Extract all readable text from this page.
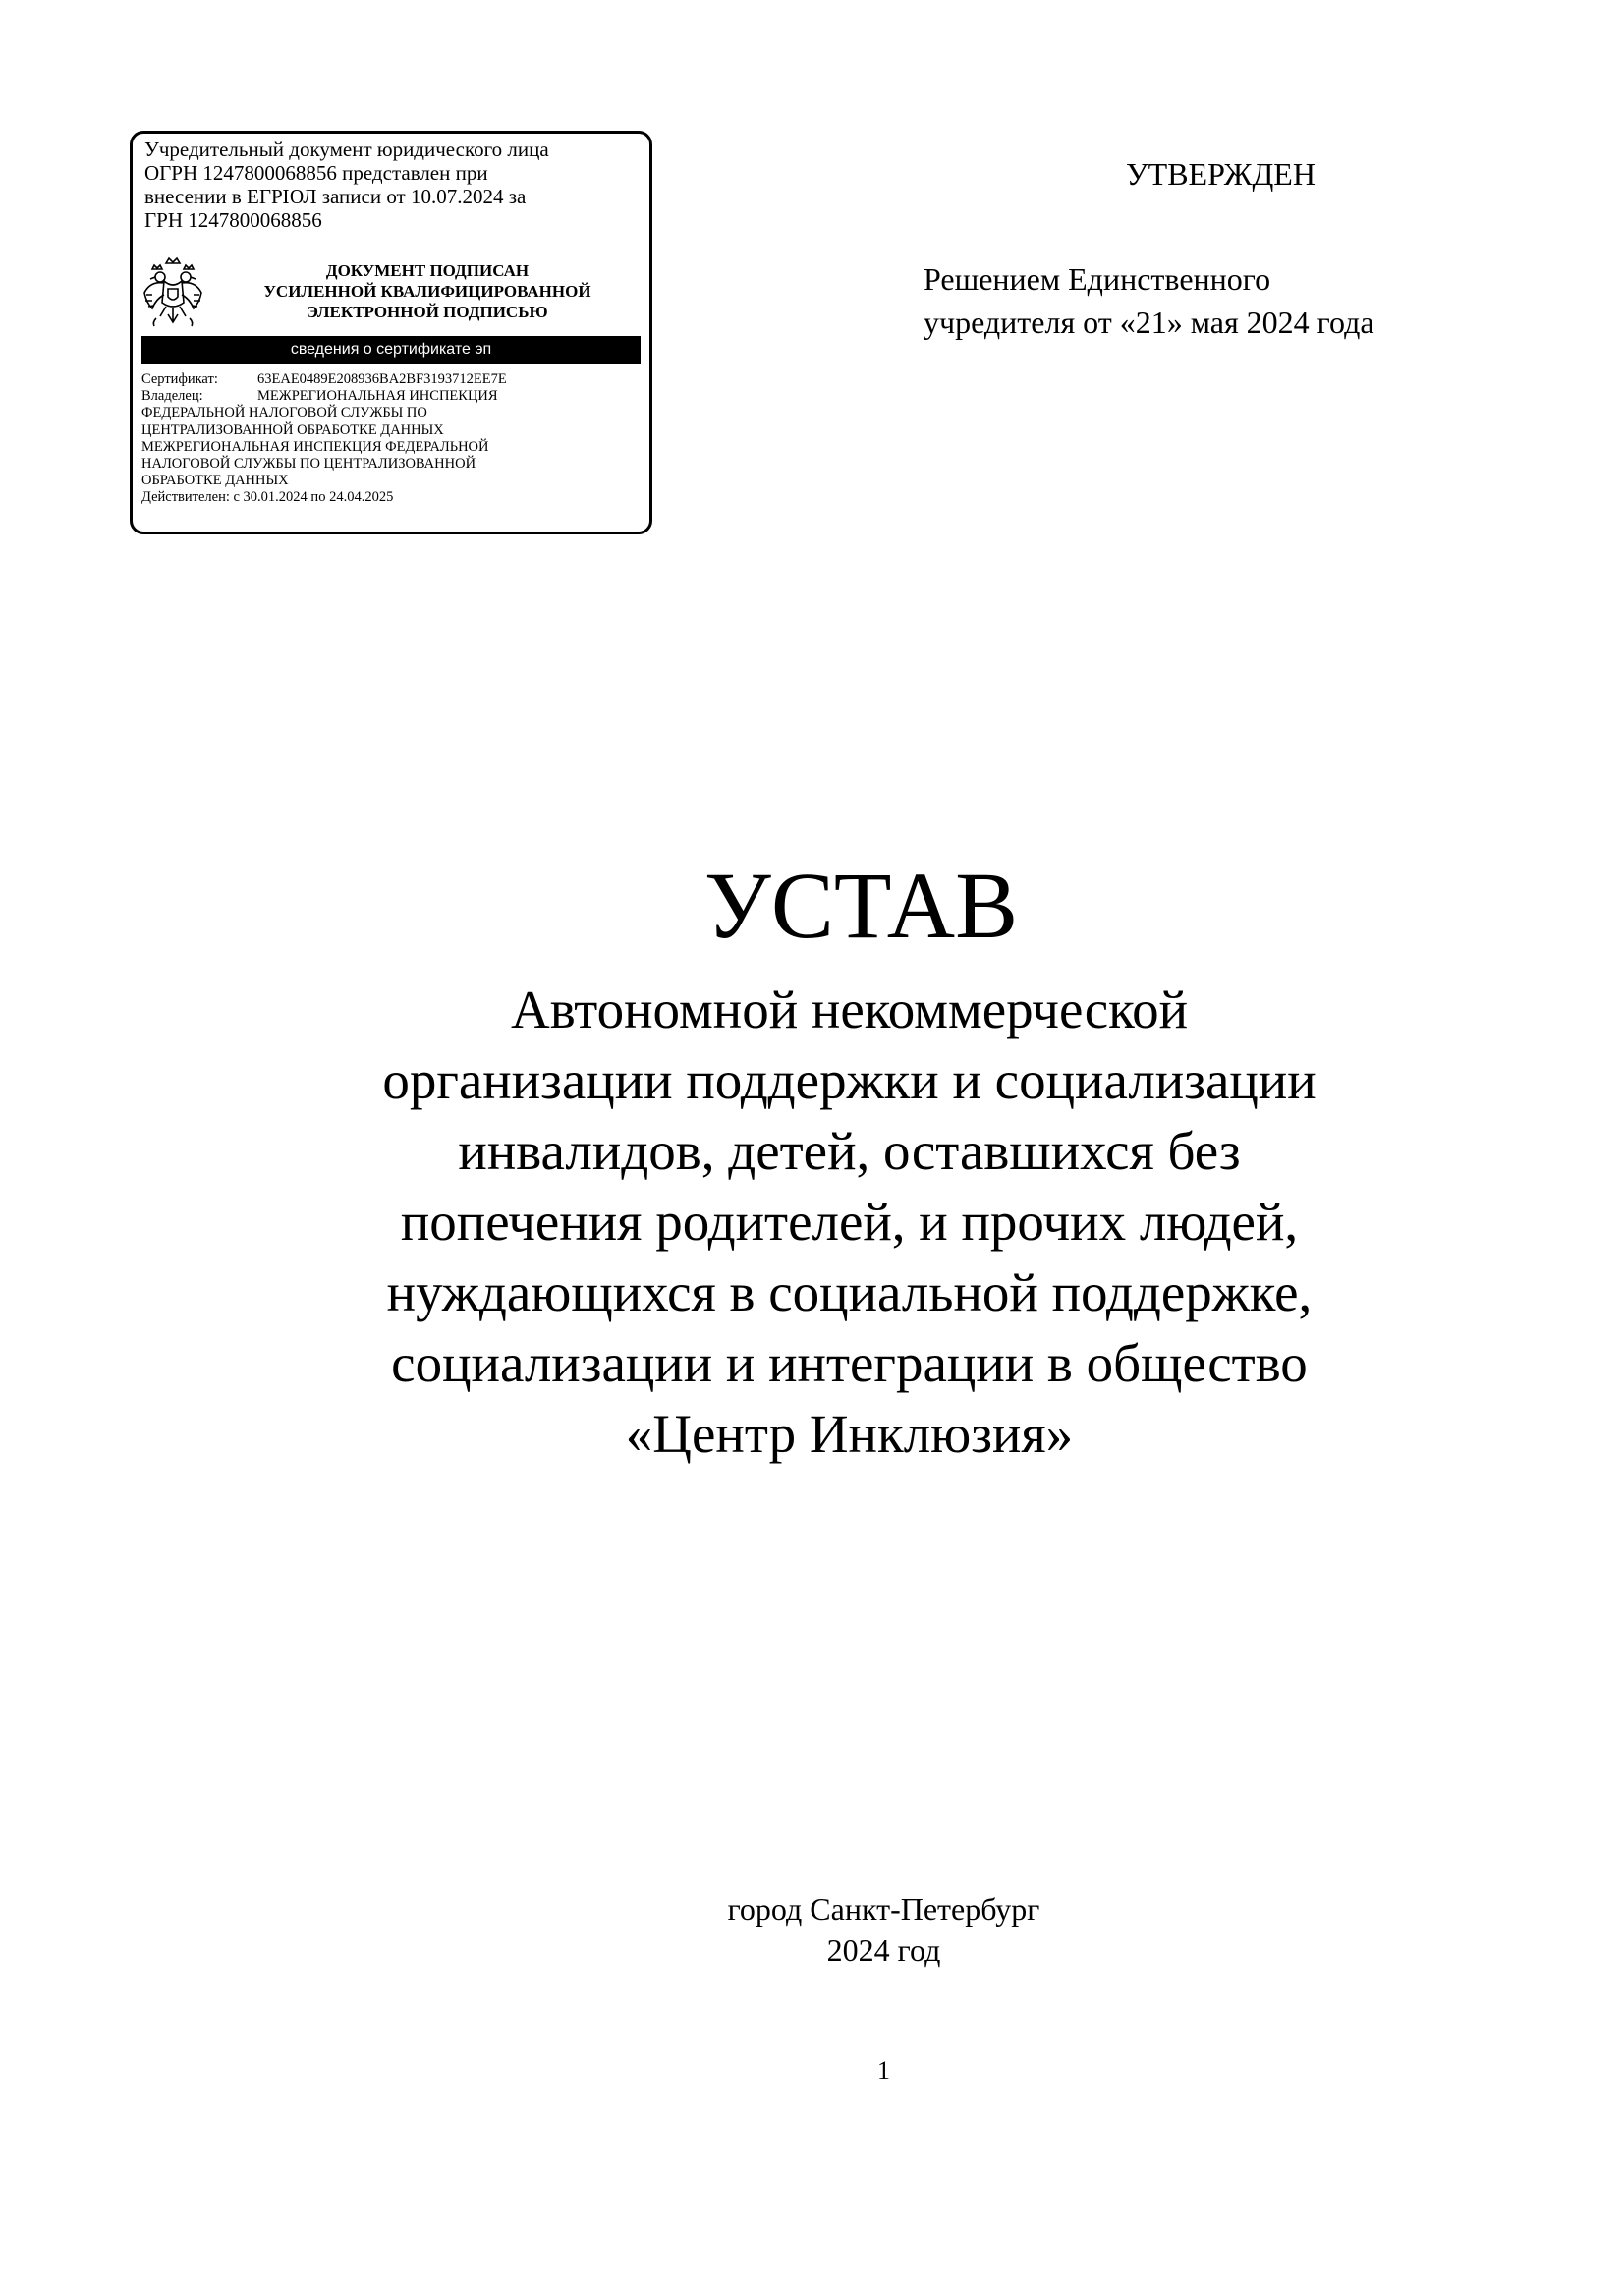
Учредительный документ юридического лица
ОГРН 1247800068856 представлен при
внесении в ЕГРЮЛ записи от 10.07.2024 за
ГРН 1247800068856
ДОКУМЕНТ ПОДПИСАН
УСИЛЕННОЙ КВАЛИФИЦИРОВАННОЙ
ЭЛЕКТРОННОЙ ПОДПИСЬЮ
сведения о сертификате эп
Сертификат:	63EAE0489E208936BA2BF3193712EE7E
Владелец:	МЕЖРЕГИОНАЛЬНАЯ ИНСПЕКЦИЯ
ФЕДЕРАЛЬНОЙ НАЛОГОВОЙ СЛУЖБЫ ПО
ЦЕНТРАЛИЗОВАННОЙ ОБРАБОТКЕ ДАННЫХ
МЕЖРЕГИОНАЛЬНАЯ ИНСПЕКЦИЯ ФЕДЕРАЛЬНОЙ
НАЛОГОВОЙ СЛУЖБЫ ПО ЦЕНТРАЛИЗОВАННОЙ
ОБРАБОТКЕ ДАННЫХ
Действителен: с 30.01.2024 по 24.04.2025
УТВЕРЖДЕН
Решением Единственного
учредителя от «21» мая 2024 года
УСТАВ
Автономной некоммерческой
организации поддержки и социализации
инвалидов, детей, оставшихся без
попечения родителей, и прочих людей,
нуждающихся в социальной поддержке,
социализации и интеграции в общество
«Центр Инклюзия»
город Санкт-Петербург
2024 год
1
